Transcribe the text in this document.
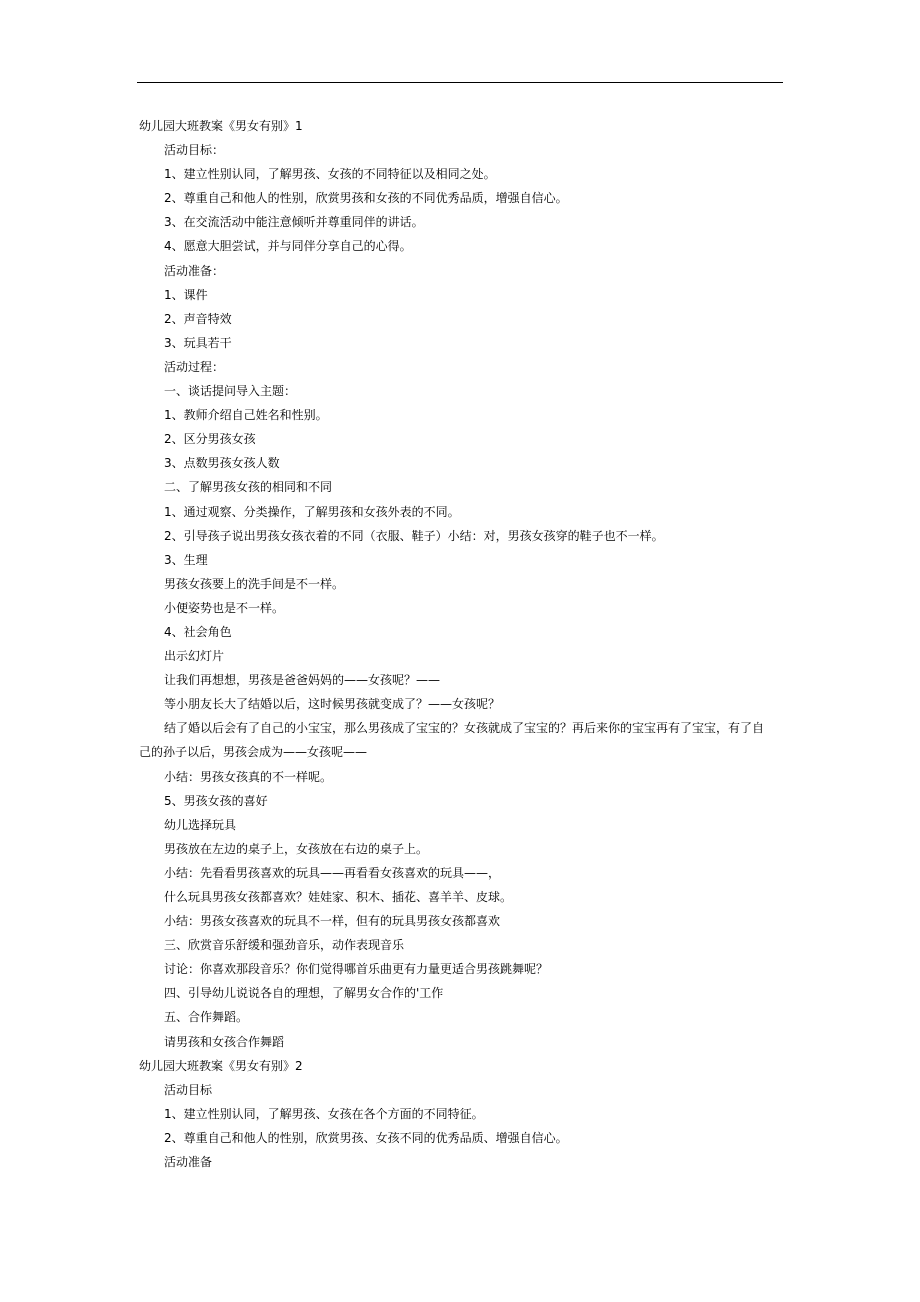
幼儿园大班教案《男女有别》1
活动目标：
1、建立性别认同，了解男孩、女孩的不同特征以及相同之处。
2、尊重自己和他人的性别，欣赏男孩和女孩的不同优秀品质，增强自信心。
3、在交流活动中能注意倾听并尊重同伴的讲话。
4、愿意大胆尝试，并与同伴分享自己的心得。
活动准备：
1、课件
2、声音特效
3、玩具若干
活动过程：
一、谈话提问导入主题：
1、教师介绍自己姓名和性别。
2、区分男孩女孩
3、点数男孩女孩人数
二、了解男孩女孩的相同和不同
1、通过观察、分类操作，了解男孩和女孩外表的不同。
2、引导孩子说出男孩女孩衣着的不同（衣服、鞋子）小结：对，男孩女孩穿的鞋子也不一样。
3、生理
男孩女孩要上的洗手间是不一样。
小便姿势也是不一样。
4、社会角色
出示幻灯片
让我们再想想，男孩是爸爸妈妈的——女孩呢？——
等小朋友长大了结婚以后，这时候男孩就变成了？——女孩呢？
结了婚以后会有了自己的小宝宝，那么男孩成了宝宝的？女孩就成了宝宝的？再后来你的宝宝再有了宝宝，有了自
己的孙子以后，男孩会成为——女孩呢——
小结：男孩女孩真的不一样呢。
5、男孩女孩的喜好
幼儿选择玩具
男孩放在左边的桌子上，女孩放在右边的桌子上。
小结：先看看男孩喜欢的玩具——再看看女孩喜欢的玩具——，
什么玩具男孩女孩都喜欢？娃娃家、积木、插花、喜羊羊、皮球。
小结：男孩女孩喜欢的玩具不一样，但有的玩具男孩女孩都喜欢
三、欣赏音乐舒缓和强劲音乐，动作表现音乐
讨论：你喜欢那段音乐？你们觉得哪首乐曲更有力量更适合男孩跳舞呢？
四、引导幼儿说说各自的理想，了解男女合作的'工作
五、合作舞蹈。
请男孩和女孩合作舞蹈
幼儿园大班教案《男女有别》2
活动目标
1、建立性别认同，了解男孩、女孩在各个方面的不同特征。
2、尊重自己和他人的性别，欣赏男孩、女孩不同的优秀品质、增强自信心。
活动准备
